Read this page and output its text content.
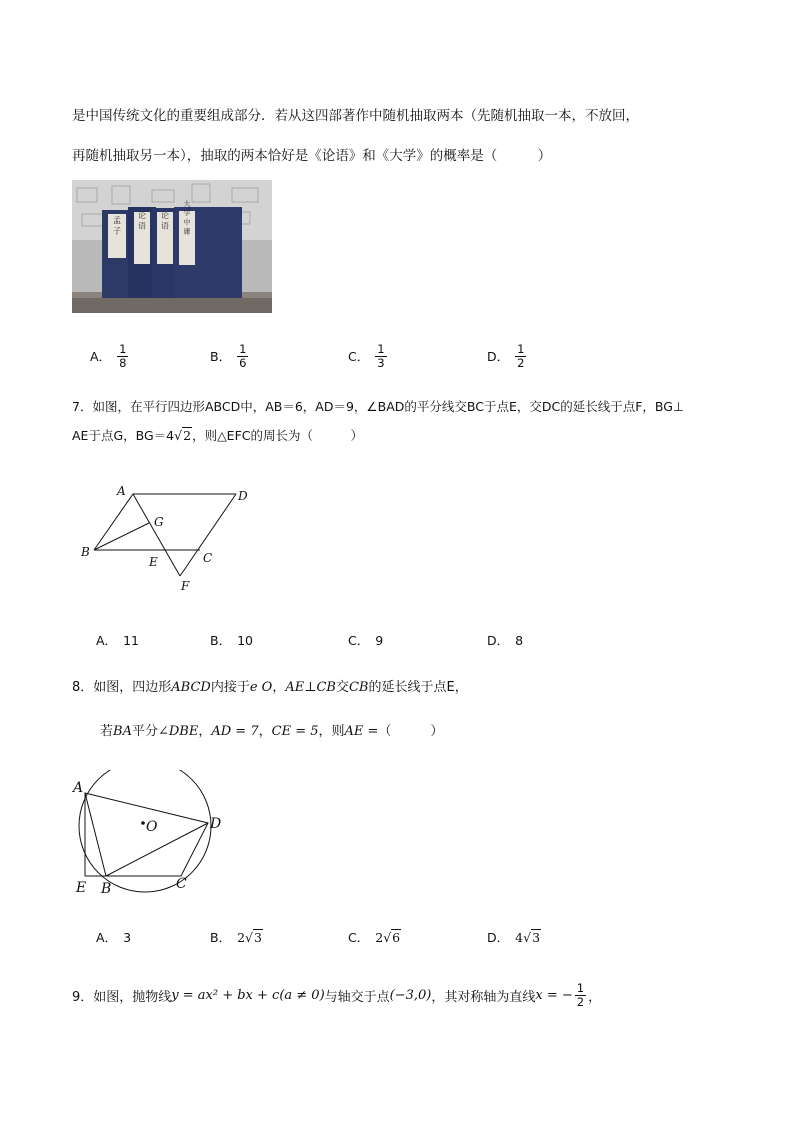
是中国传统文化的重要组成部分．若从这四部著作中随机抽取两本（先随机抽取一本，不放回，
再随机抽取另一本），抽取的两本恰好是《论语》和《大学》的概率是（　　　）
孟 子 论 语 论 语 大 学 中 庸
A． $\frac{1}{8}$	B． $\frac{1}{6}$	C． $\frac{1}{3}$	D． $\frac{1}{2}$
7．如图，在平行四边形ABCD中，AB＝6，AD＝9，∠BAD的平分线交BC于点E，交DC的延长线于点F，BG⊥
AE于点G，BG＝4√2，则△EFC的周长为（　　　）
A	D
G
B
E	C
F
A． 11	B． 10	C． 9	D． 8
8．如图，四边形ABCD内接于e O，AE⊥CB交CB的延长线于点E，
若BA平分∠DBE，AD = 7，CE = 5，则AE =（　　　）
A
O	D
E B	C
A． 3	B． 2√3	C． 2√6	D． 4√3
9．如图，抛物线 y = ax² + bx + c(a ≠ 0) 与轴交于点 (−3,0) ，其对称轴为直线 x = − $\frac{1}{2}$ ，
